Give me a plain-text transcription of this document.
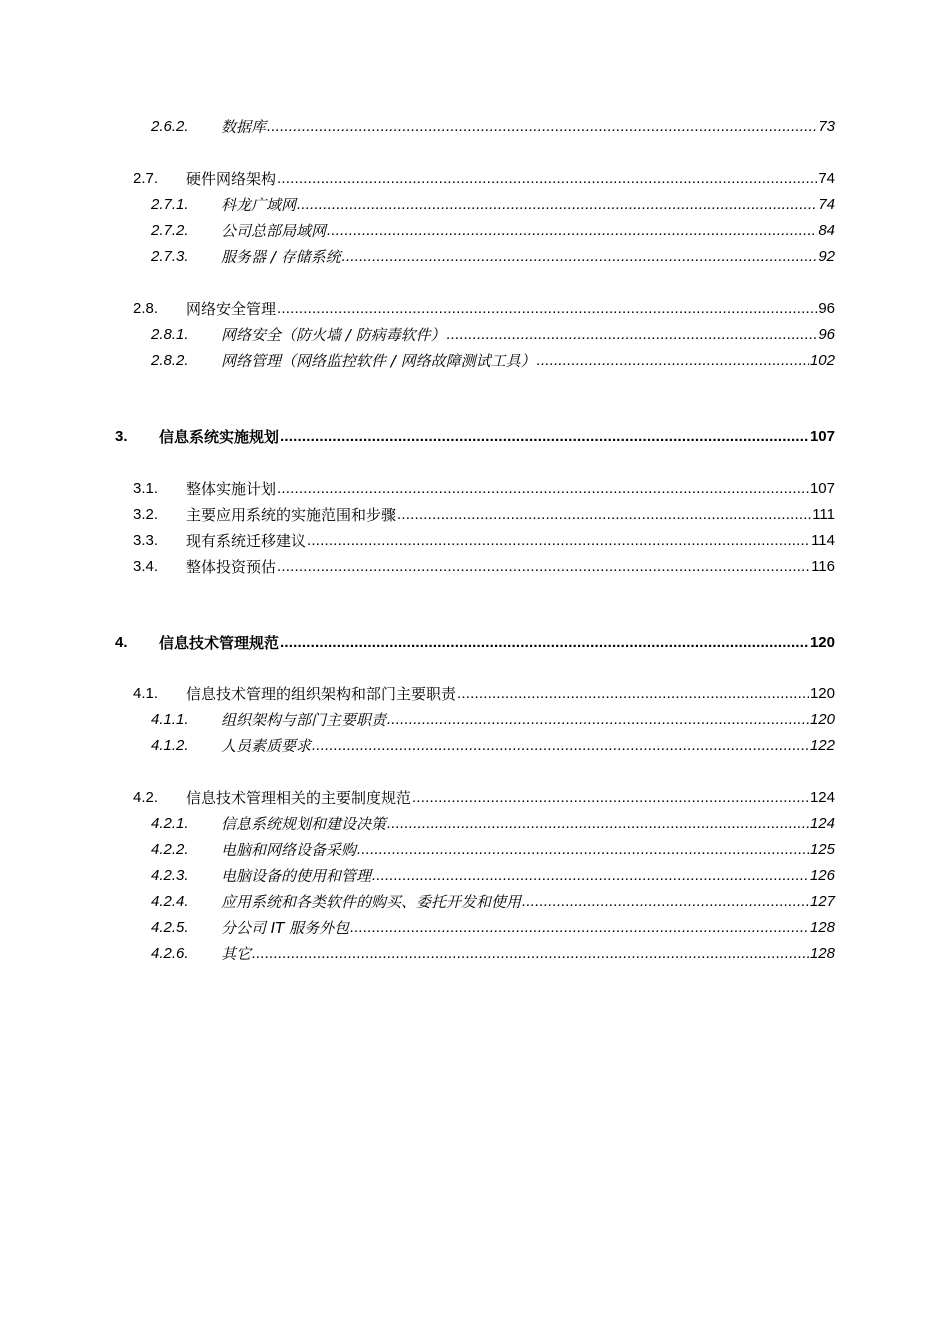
2.6.2.	数据库 .....	73
2.7.	硬件网络架构 .....	74
2.7.1.	科龙广域网 .....	74
2.7.2.	公司总部局域网 .....	84
2.7.3.	服务器 / 存储系统 .....	92
2.8.	网络安全管理 .....	96
2.8.1.	网络安全（防火墙 / 防病毒软件） .....	96
2.8.2.	网络管理（网络监控软件 / 网络故障测试工具） .....	102
3.	信息系统实施规划 .....	107
3.1.	整体实施计划 .....	107
3.2.	主要应用系统的实施范围和步骤 .....	111
3.3.	现有系统迁移建议 .....	114
3.4.	整体投资预估 .....	116
4.	信息技术管理规范 .....	120
4.1.	信息技术管理的组织架构和部门主要职责 .....	120
4.1.1.	组织架构与部门主要职责 .....	120
4.1.2.	人员素质要求 .....	122
4.2.	信息技术管理相关的主要制度规范 .....	124
4.2.1.	信息系统规划和建设决策 .....	124
4.2.2.	电脑和网络设备采购 .....	125
4.2.3.	电脑设备的使用和管理 .....	126
4.2.4.	应用系统和各类软件的购买、委托开发和使用 .....	127
4.2.5.	分公司 IT 服务外包 .....	128
4.2.6.	其它 .....	128
